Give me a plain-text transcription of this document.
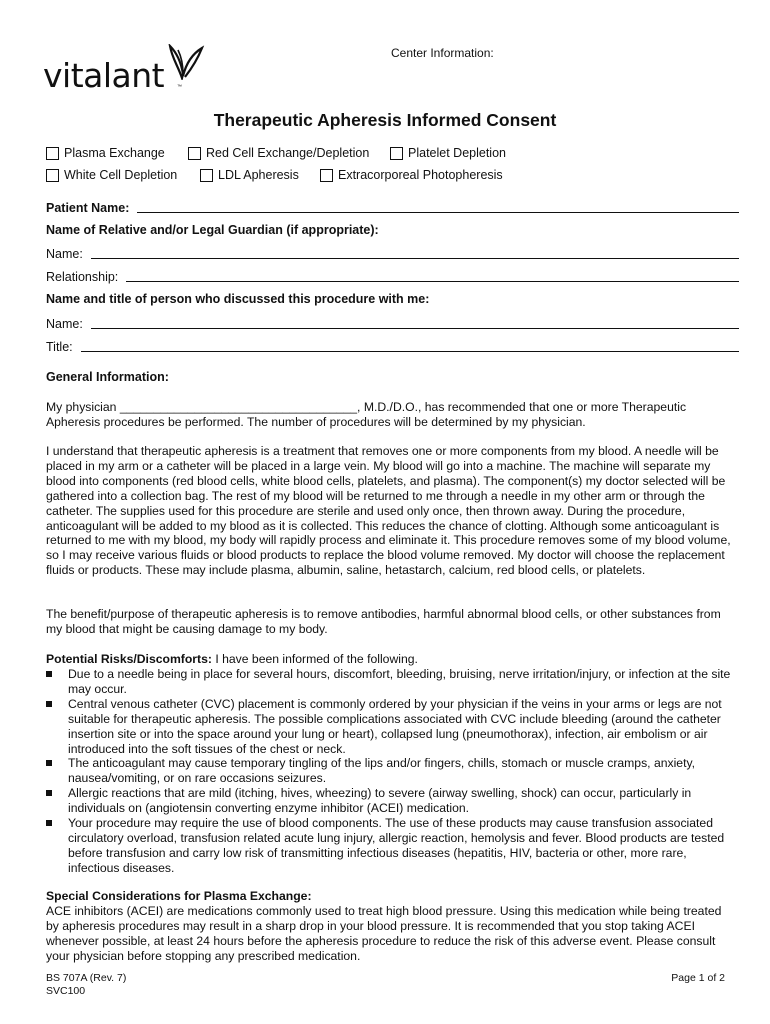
vitalant	™
Center Information:
Therapeutic Apheresis Informed Consent
Plasma Exchange	Red Cell Exchange/Depletion	Platelet Depletion
White Cell Depletion	LDL Apheresis	Extracorporeal Photopheresis
Patient Name:
Name of Relative and/or Legal Guardian (if appropriate):
Name:
Relationship:
Name and title of person who discussed this procedure with me:
Name:
Title:
General Information:
My physician ___________________________________, M.D./D.O., has recommended that one or more Therapeutic Apheresis procedures be performed. The number of procedures will be determined by my physician.
I understand that therapeutic apheresis is a treatment that removes one or more components from my blood. A needle will be placed in my arm or a catheter will be placed in a large vein. My blood will go into a machine. The machine will separate my blood into components (red blood cells, white blood cells, platelets, and plasma). The component(s) my doctor selected will be gathered into a collection bag. The rest of my blood will be returned to me through a needle in my other arm or through the catheter. The supplies used for this procedure are sterile and used only once, then thrown away. During the procedure, anticoagulant will be added to my blood as it is collected. This reduces the chance of clotting. Although some anticoagulant is returned to me with my blood, my body will rapidly process and eliminate it. This procedure removes some of my blood volume, so I may receive various fluids or blood products to replace the blood volume removed. My doctor will choose the replacement fluids or products. These may include plasma, albumin, saline, hetastarch, calcium, red blood cells, or platelets.
The benefit/purpose of therapeutic apheresis is to remove antibodies, harmful abnormal blood cells, or other substances from my blood that might be causing damage to my body.
Potential Risks/Discomforts: I have been informed of the following.
Due to a needle being in place for several hours, discomfort, bleeding, bruising, nerve irritation/injury, or infection at the site may occur.
Central venous catheter (CVC) placement is commonly ordered by your physician if the veins in your arms or legs are not suitable for therapeutic apheresis. The possible complications associated with CVC include bleeding (around the catheter insertion site or into the space around your lung or heart), collapsed lung (pneumothorax), infection, air embolism or air introduced into the soft tissues of the chest or neck.
The anticoagulant may cause temporary tingling of the lips and/or fingers, chills, stomach or muscle cramps, anxiety, nausea/vomiting, or on rare occasions seizures.
Allergic reactions that are mild (itching, hives, wheezing) to severe (airway swelling, shock) can occur, particularly in individuals on (angiotensin converting enzyme inhibitor (ACEI) medication.
Your procedure may require the use of blood components. The use of these products may cause transfusion associated circulatory overload, transfusion related acute lung injury, allergic reaction, hemolysis and fever. Blood products are tested before transfusion and carry low risk of transmitting infectious diseases (hepatitis, HIV, bacteria or other, more rare, infectious diseases.
Special Considerations for Plasma Exchange:
ACE inhibitors (ACEI) are medications commonly used to treat high blood pressure. Using this medication while being treated by apheresis procedures may result in a sharp drop in your blood pressure. It is recommended that you stop taking ACEI whenever possible, at least 24 hours before the apheresis procedure to reduce the risk of this adverse event. Please consult your physician before stopping any prescribed medication.
BS 707A (Rev. 7)
SVC100
Page 1 of 2
